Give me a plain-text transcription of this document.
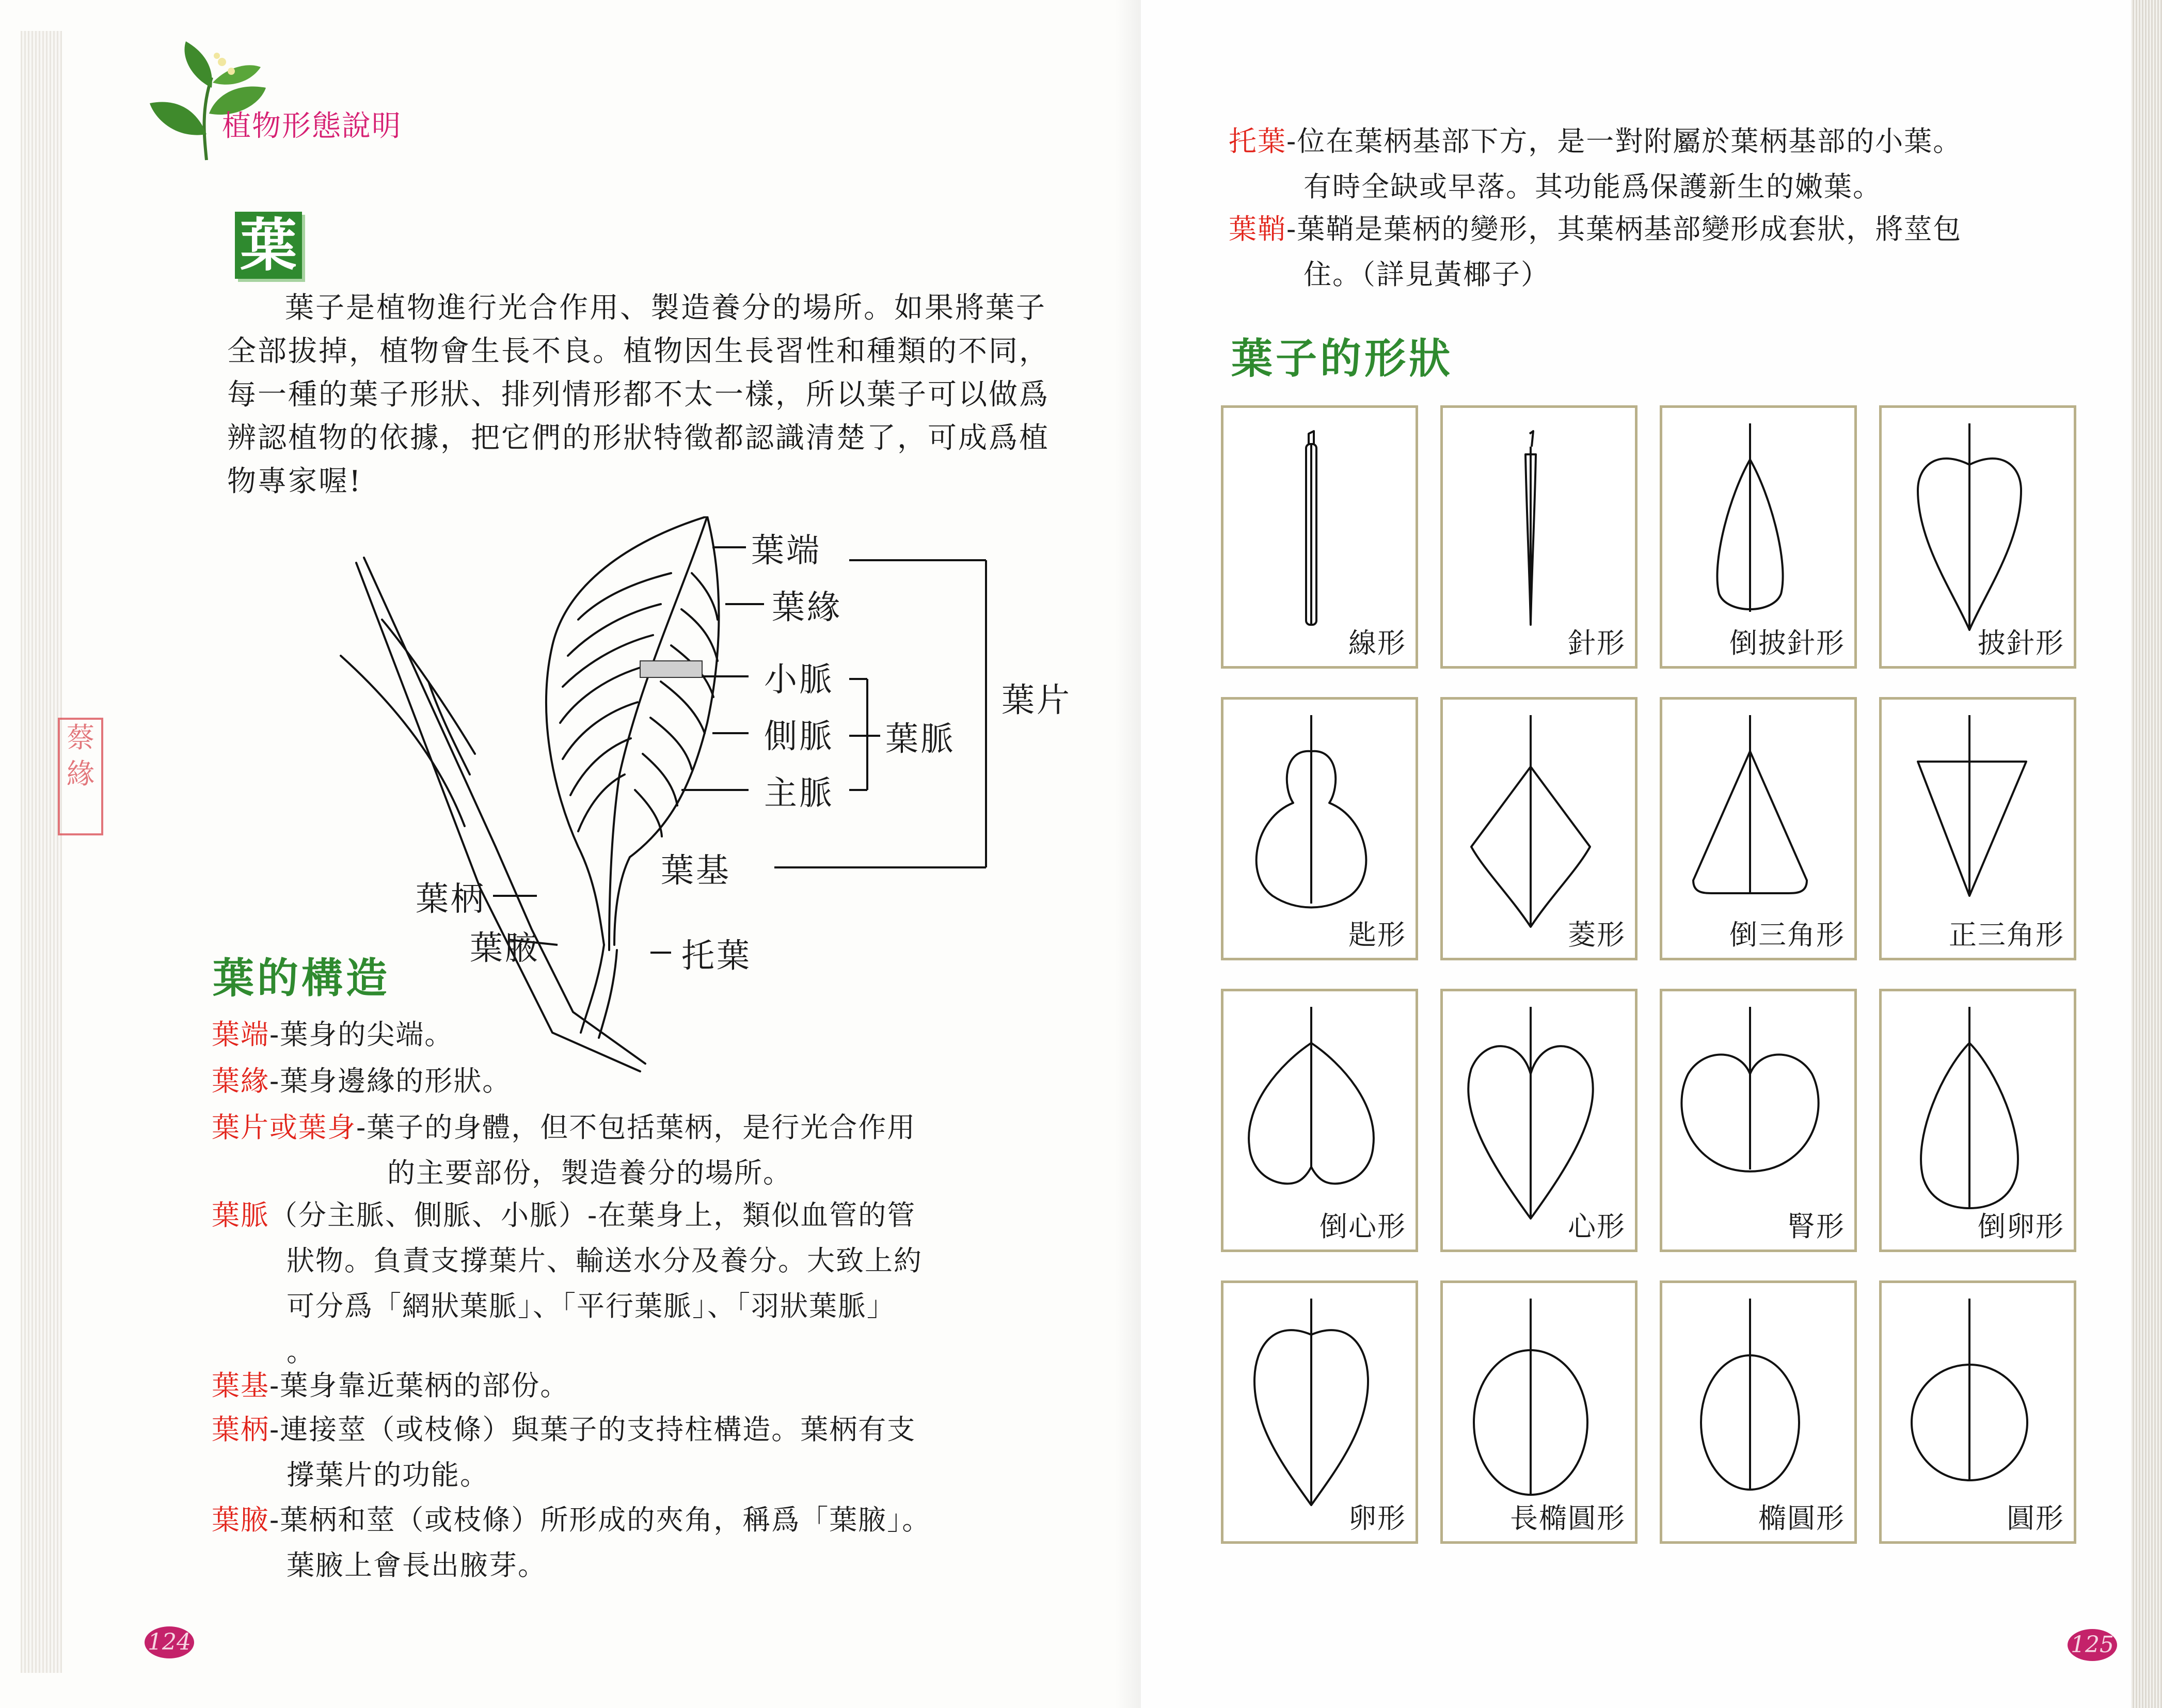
植物形態說明
葉
葉子是植物進行光合作用、製造養分的場所。如果將葉子全部拔掉，植物會生長不良。植物因生長習性和種類的不同，每一種的葉子形狀、排列情形都不太一樣，所以葉子可以做爲辨認植物的依據，把它們的形狀特徵都認識清楚了，可成爲植物專家喔!
葉端
葉緣
小脈
側脈
主脈
葉脈
葉片
葉基
葉柄
葉腋	托葉
葉的構造
葉端-葉身的尖端。
葉緣-葉身邊緣的形狀。
葉片或葉身-葉子的身體，但不包括葉柄，是行光合作用
的主要部份，製造養分的場所。
葉脈（分主脈、側脈、小脈）-在葉身上，類似血管的管
狀物。負責支撐葉片、輸送水分及養分。大致上約
可分爲「網狀葉脈」、「平行葉脈」、「羽狀葉脈」
。
葉基-葉身靠近葉柄的部份。
葉柄-連接莖（或枝條）與葉子的支持柱構造。葉柄有支
撐葉片的功能。
葉腋-葉柄和莖（或枝條）所形成的夾角，稱爲「葉腋」。
葉腋上會長出腋芽。
蔡緣
124
托葉-位在葉柄基部下方，是一對附屬於葉柄基部的小葉。
有時全缺或早落。其功能爲保護新生的嫩葉。
葉鞘-葉鞘是葉柄的變形，其葉柄基部變形成套狀，將莖包
住。（詳見黃椰子）
葉子的形狀
線形	針形	倒披針形	披針形
匙形	菱形	倒三角形	正三角形
倒心形	心形	腎形	倒卵形
卵形	長橢圓形	橢圓形	圓形
125
